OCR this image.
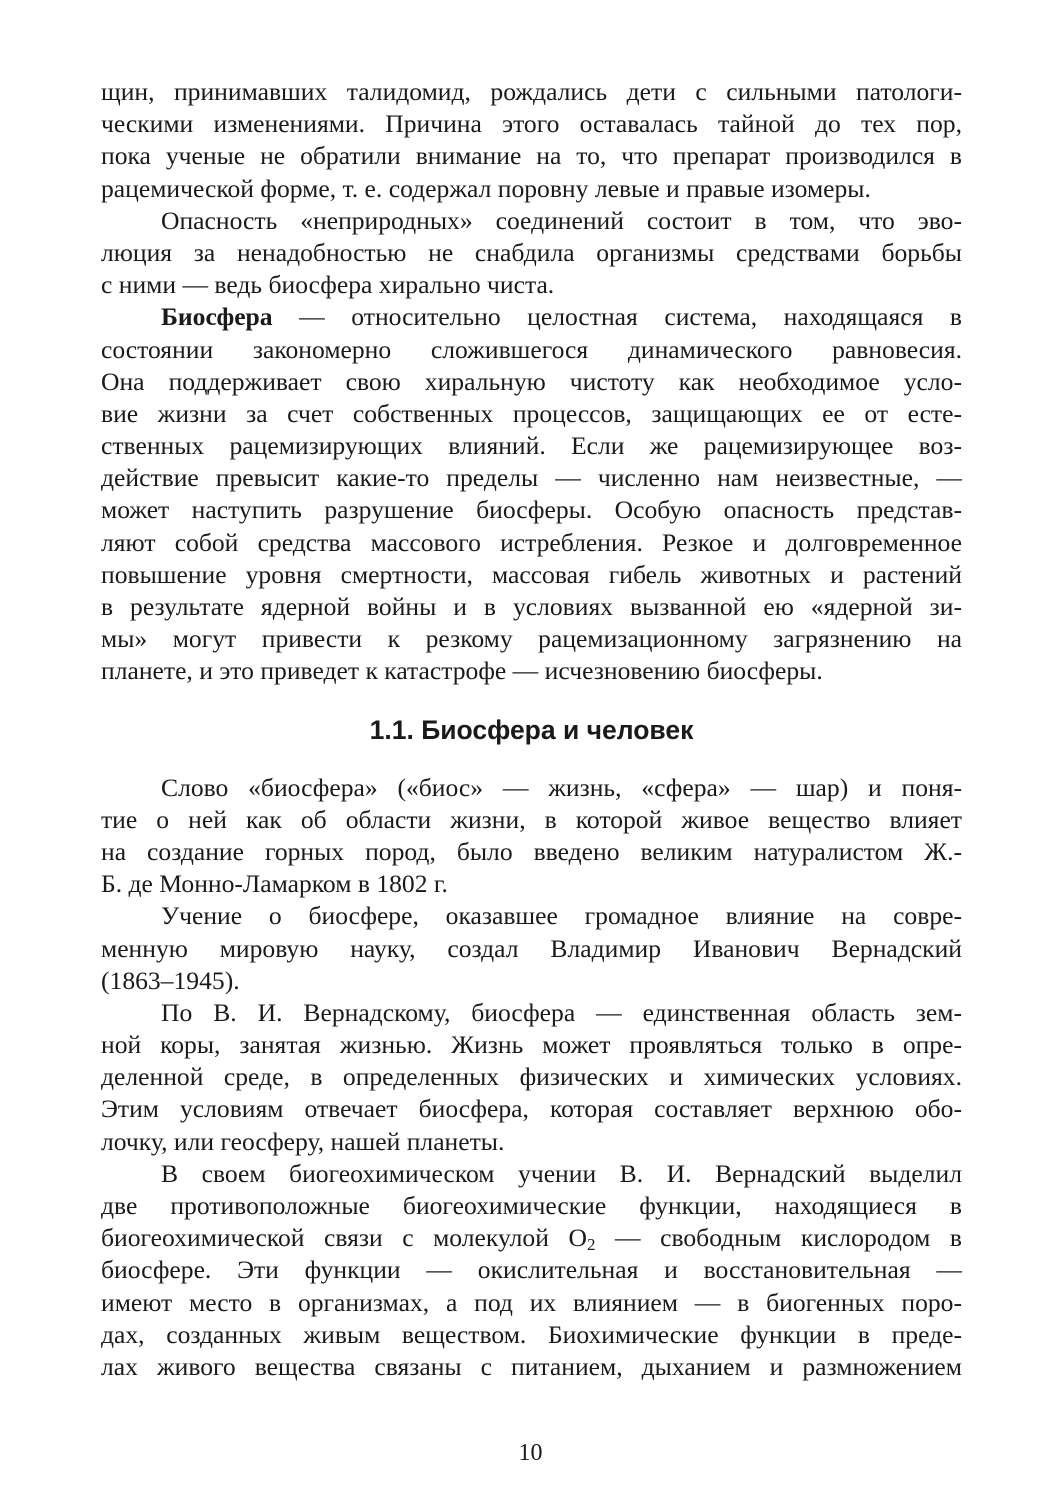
щин, принимавших талидомид, рождались дети с сильными патологи-
ческими изменениями. Причина этого оставалась тайной до тех пор,
пока ученые не обратили внимание на то, что препарат производился в
рацемической форме, т. е. содержал поровну левые и правые изомеры.
Опасность «неприродных» соединений состоит в том, что эво-
люция за ненадобностью не снабдила организмы средствами борьбы
с ними — ведь биосфера хирально чиста.
Биосфера — относительно целостная система, находящаяся в
состоянии закономерно сложившегося динамического равновесия.
Она поддерживает свою хиральную чистоту как необходимое усло-
вие жизни за счет собственных процессов, защищающих ее от есте-
ственных рацемизирующих влияний. Если же рацемизирующее воз-
действие превысит какие-то пределы — численно нам неизвестные, —
может наступить разрушение биосферы. Особую опасность представ-
ляют собой средства массового истребления. Резкое и долговременное
повышение уровня смертности, массовая гибель животных и растений
в результате ядерной войны и в условиях вызванной ею «ядерной зи-
мы» могут привести к резкому рацемизационному загрязнению на
планете, и это приведет к катастрофе — исчезновению биосферы.
1.1. Биосфера и человек
Слово «биосфера» («биос» — жизнь, «сфера» — шар) и поня-
тие о ней как об области жизни, в которой живое вещество влияет
на создание горных пород, было введено великим натуралистом Ж.-
Б. де Монно-Ламарком в 1802 г.
Учение о биосфере, оказавшее громадное влияние на совре-
менную мировую науку, создал Владимир Иванович Вернадский
(1863–1945).
По В. И. Вернадскому, биосфера — единственная область зем-
ной коры, занятая жизнью. Жизнь может проявляться только в опре-
деленной среде, в определенных физических и химических условиях.
Этим условиям отвечает биосфера, которая составляет верхнюю обо-
лочку, или геосферу, нашей планеты.
В своем биогеохимическом учении В. И. Вернадский выделил
две противоположные биогеохимические функции, находящиеся в
биогеохимической связи с молекулой $O_2$ — свободным кислородом в
биосфере. Эти функции — окислительная и восстановительная —
имеют место в организмах, а под их влиянием — в биогенных поро-
дах, созданных живым веществом. Биохимические функции в преде-
лах живого вещества связаны с питанием, дыханием и размножением
10
